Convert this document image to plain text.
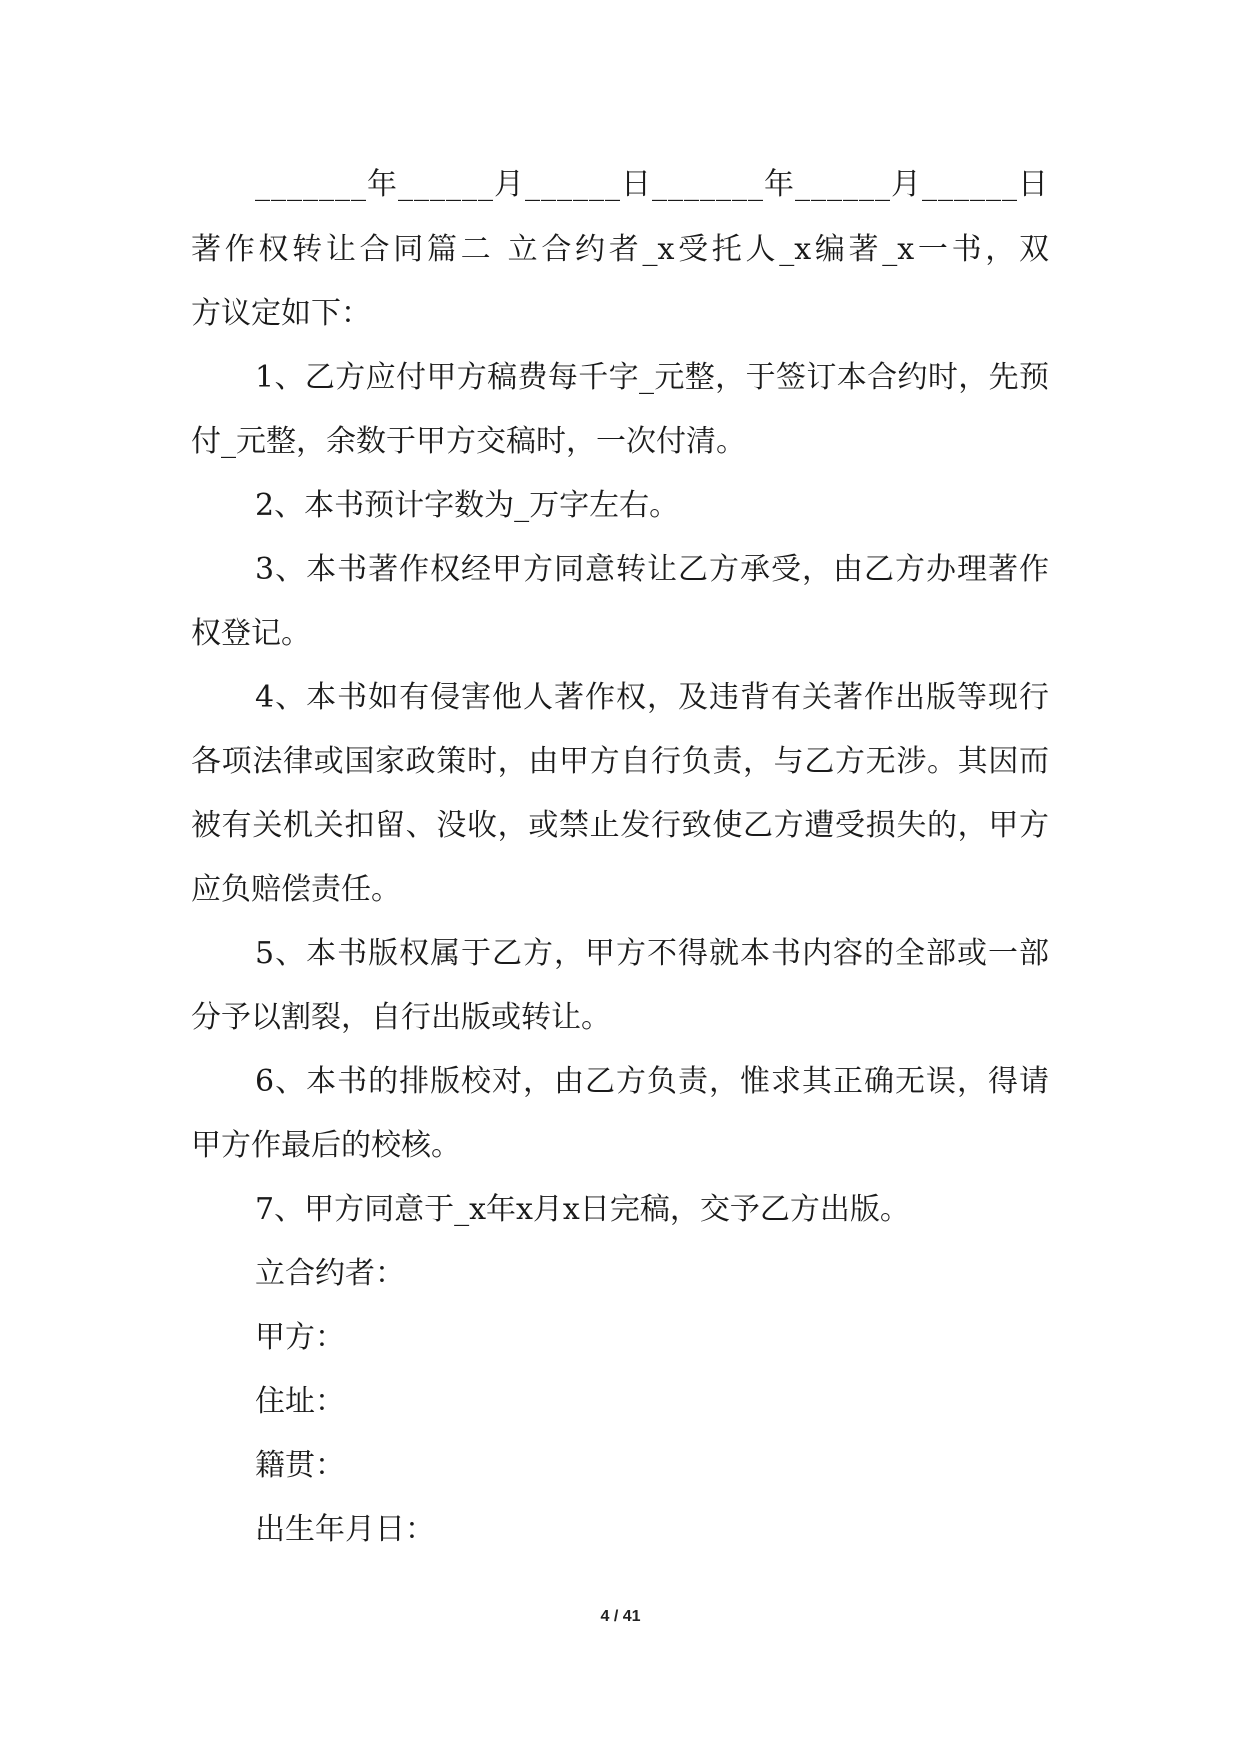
_______年______月______日_______年______月______日
著作权转让合同篇二 立合约者_x受托人_x编著_x一书，双
方议定如下：
1、乙方应付甲方稿费每千字_元整，于签订本合约时，先预
付_元整，余数于甲方交稿时，一次付清。
2、本书预计字数为_万字左右。
3、本书著作权经甲方同意转让乙方承受，由乙方办理著作
权登记。
4、本书如有侵害他人著作权，及违背有关著作出版等现行
各项法律或国家政策时，由甲方自行负责，与乙方无涉。其因而
被有关机关扣留、没收，或禁止发行致使乙方遭受损失的，甲方
应负赔偿责任。
5、本书版权属于乙方，甲方不得就本书内容的全部或一部
分予以割裂，自行出版或转让。
6、本书的排版校对，由乙方负责，惟求其正确无误，得请
甲方作最后的校核。
7、甲方同意于_x年x月x日完稿，交予乙方出版。
立合约者：
甲方：
住址：
籍贯：
出生年月日：
4 / 41
